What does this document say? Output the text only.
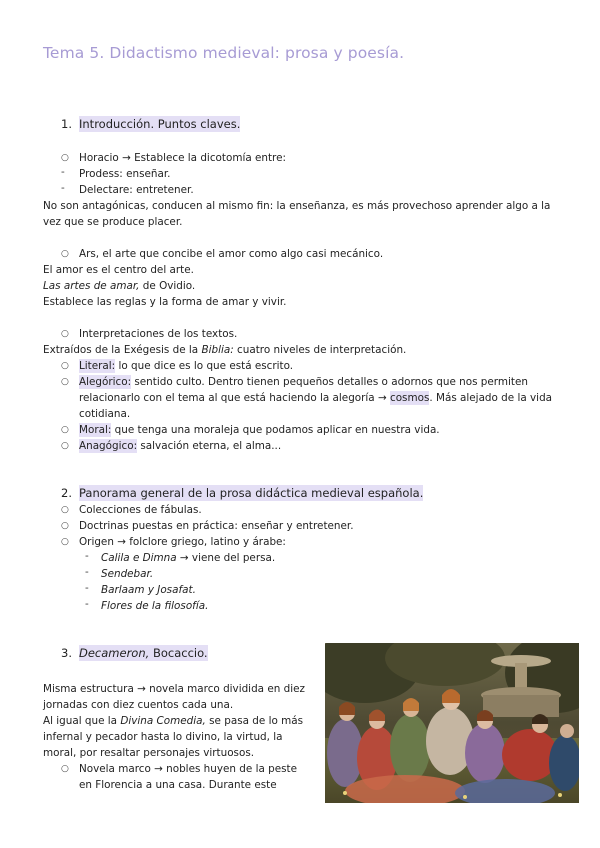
Tema 5. Didactismo medieval: prosa y poesía.
1. Introducción. Puntos claves.
○ Horacio → Establece la dicotomía entre:
- Prodess: enseñar.
- Delectare: entretener.
No son antagónicas, conducen al mismo fin: la enseñanza, es más provechoso aprender algo a la vez que se produce placer.
○ Ars, el arte que concibe el amor como algo casi mecánico.
El amor es el centro del arte.
Las artes de amar, de Ovidio.
Establece las reglas y la forma de amar y vivir.
○ Interpretaciones de los textos.
Extraídos de la Exégesis de la Biblia: cuatro niveles de interpretación.
○ Literal: lo que dice es lo que está escrito.
○ Alegórico: sentido culto. Dentro tienen pequeños detalles o adornos que nos permiten
relacionarlo con el tema al que está haciendo la alegoría → cosmos. Más alejado de la vida
cotidiana.
○ Moral: que tenga una moraleja que podamos aplicar en nuestra vida.
○ Anagógico: salvación eterna, el alma...
2. Panorama general de la prosa didáctica medieval española.
○ Colecciones de fábulas.
○ Doctrinas puestas en práctica: enseñar y entretener.
○ Origen → folclore griego, latino y árabe:
- Calila e Dimna → viene del persa.
- Sendebar.
- Barlaam y Josafat.
- Flores de la filosofía.
3. Decameron, Bocaccio.
Misma estructura → novela marco dividida en diez
jornadas con diez cuentos cada una.
Al igual que la Divina Comedia, se pasa de lo más
infernal y pecador hasta lo divino, la virtud, la
moral, por resaltar personajes virtuosos.
○ Novela marco → nobles huyen de la peste
en Florencia a una casa. Durante este
